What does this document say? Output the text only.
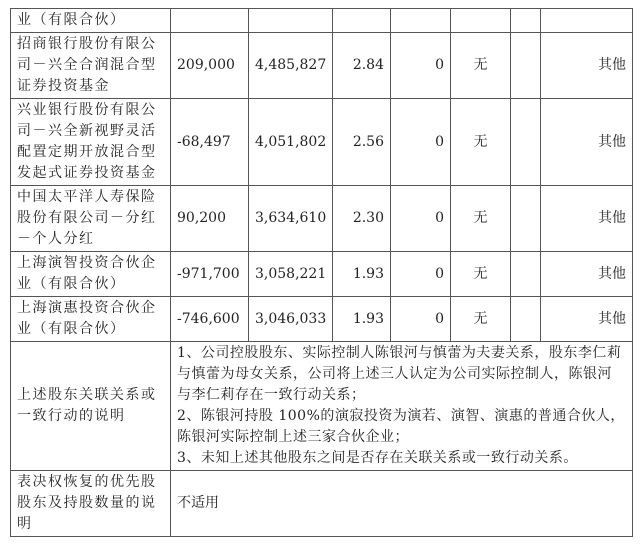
业（有限合伙）							
招商银行股份有限公司－兴全合润混合型证券投资基金	209,000	4,485,827	2.84	0	无		其他
兴业银行股份有限公司－兴全新视野灵活配置定期开放混合型发起式证券投资基金	-68,497	4,051,802	2.56	0	无		其他
中国太平洋人寿保险股份有限公司－分红－个人分红	90,200	3,634,610	2.30	0	无		其他
上海演智投资合伙企业（有限合伙）	-971,700	3,058,221	1.93	0	无		其他
上海演惠投资合伙企业（有限合伙）	-746,600	3,046,033	1.93	0	无		其他
上述股东关联关系或一致行动的说明	1、公司控股股东、实际控制人陈银河与慎蕾为夫妻关系，股东李仁莉与慎蕾为母女关系，公司将上述三人认定为公司实际控制人，陈银河与李仁莉存在一致行动关系；
2、陈银河持股 100%的演寂投资为演若、演智、演惠的普通合伙人，陈银河实际控制上述三家合伙企业；
3、未知上述其他股东之间是否存在关联关系或一致行动关系。						

表决权恢复的优先股股东及持股数量的说明	不适用						
